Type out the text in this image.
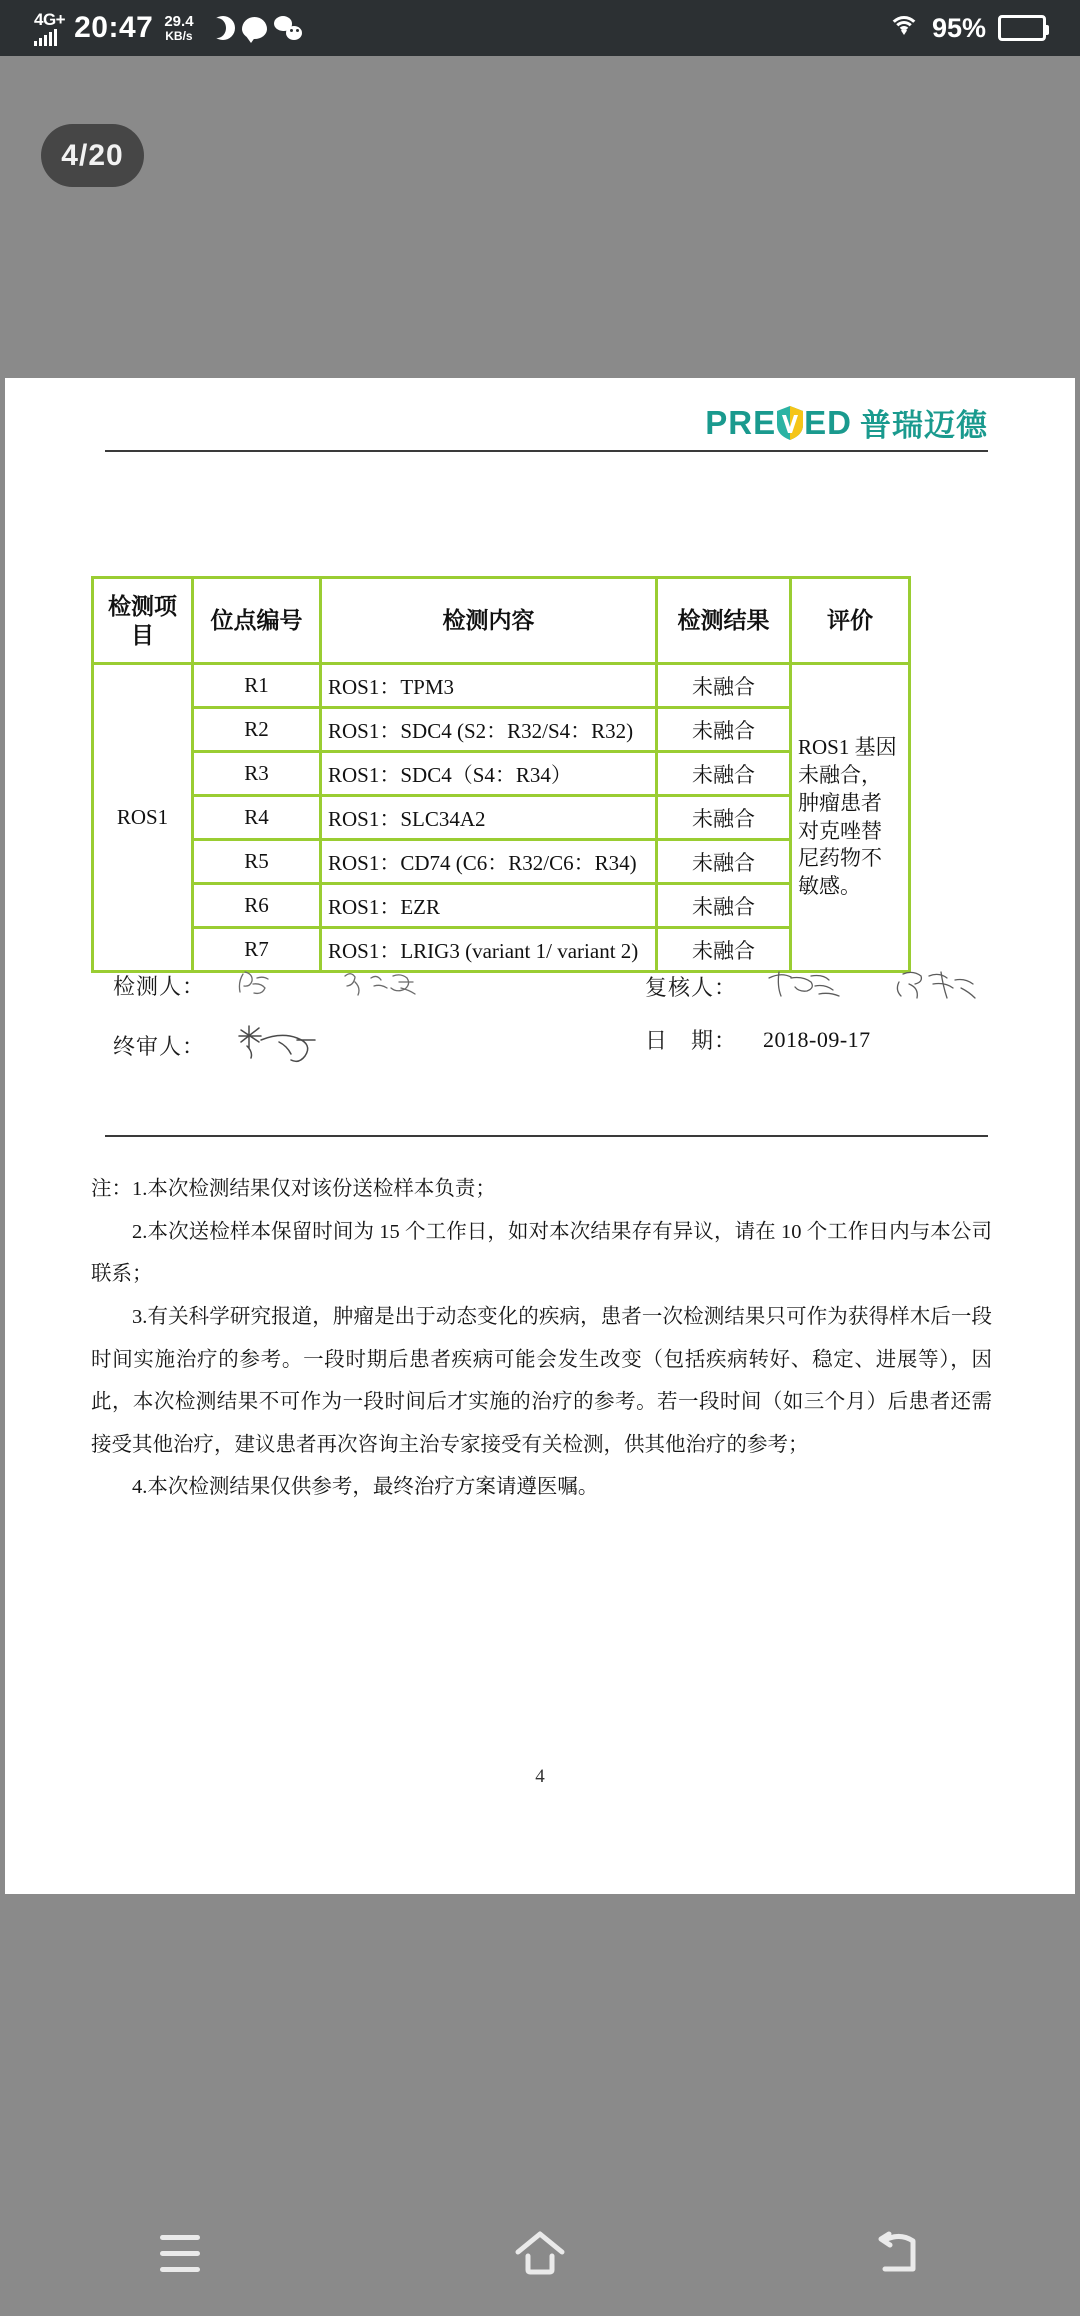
4G+ 20:47 29.4
KB/s	95%
4/20
PRE ED 普瑞迈德
检测项目	位点编号	检测内容	检测结果	评价
ROS1	R1	ROS1：TPM3	未融合	ROS1 基因未融合，肿瘤患者对克唑替尼药物不敏感。
	R2	ROS1：SDC4 (S2：R32/S4：R32)	未融合	
	R3	ROS1：SDC4（S4：R34）	未融合	
	R4	ROS1：SLC34A2	未融合	
	R5	ROS1：CD74 (C6：R32/C6：R34)	未融合	
	R6	ROS1：EZR	未融合	
	R7	ROS1：LRIG3 (variant 1/ variant 2)	未融合	
检测人：
终审人：
复核人：
日　期： 2018-09-17
注：1.本次检测结果仅对该份送检样本负责；
2.本次送检样本保留时间为 15 个工作日，如对本次结果存有异议，请在 10 个工作日内与本公司联系；
3.有关科学研究报道，肿瘤是出于动态变化的疾病，患者一次检测结果只可作为获得样木后一段时间实施治疗的参考。一段时期后患者疾病可能会发生改变（包括疾病转好、稳定、进展等），因此，本次检测结果不可作为一段时间后才实施的治疗的参考。若一段时间（如三个月）后患者还需接受其他治疗，建议患者再次咨询主治专家接受有关检测，供其他治疗的参考；
4.本次检测结果仅供参考，最终治疗方案请遵医嘱。
4
